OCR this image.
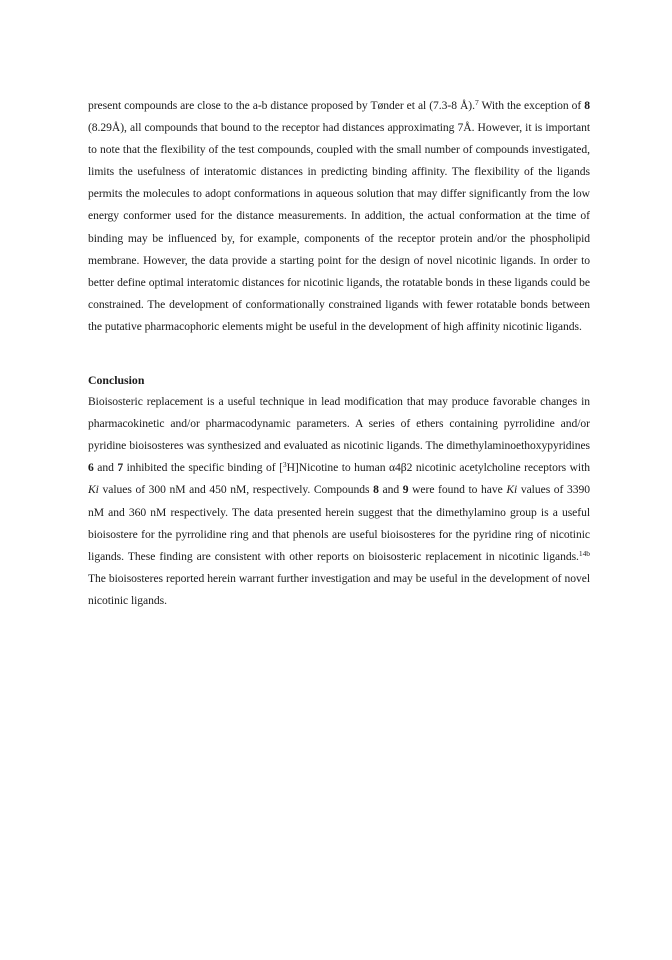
present compounds are close to the a-b distance proposed by Tønder et al (7.3-8 Å).$^7$ With the exception of 8 (8.29Å), all compounds that bound to the receptor had distances approximating 7Å. However, it is important to note that the flexibility of the test compounds, coupled with the small number of compounds investigated, limits the usefulness of interatomic distances in predicting binding affinity. The flexibility of the ligands permits the molecules to adopt conformations in aqueous solution that may differ significantly from the low energy conformer used for the distance measurements. In addition, the actual conformation at the time of binding may be influenced by, for example, components of the receptor protein and/or the phospholipid membrane. However, the data provide a starting point for the design of novel nicotinic ligands. In order to better define optimal interatomic distances for nicotinic ligands, the rotatable bonds in these ligands could be constrained. The development of conformationally constrained ligands with fewer rotatable bonds between the putative pharmacophoric elements might be useful in the development of high affinity nicotinic ligands.

Conclusion

Bioisosteric replacement is a useful technique in lead modification that may produce favorable changes in pharmacokinetic and/or pharmacodynamic parameters. A series of ethers containing pyrrolidine and/or pyridine bioisosteres was synthesized and evaluated as nicotinic ligands. The dimethylaminoethoxypyridines 6 and 7 inhibited the specific binding of [$^3$H]Nicotine to human α4β2 nicotinic acetylcholine receptors with Ki values of 300 nM and 450 nM, respectively. Compounds 8 and 9 were found to have Ki values of 3390 nM and 360 nM respectively. The data presented herein suggest that the dimethylamino group is a useful bioisostere for the pyrrolidine ring and that phenols are useful bioisosteres for the pyridine ring of nicotinic ligands. These finding are consistent with other reports on bioisosteric replacement in nicotinic ligands.$^{14b}$ The bioisosteres reported herein warrant further investigation and may be useful in the development of novel nicotinic ligands.
